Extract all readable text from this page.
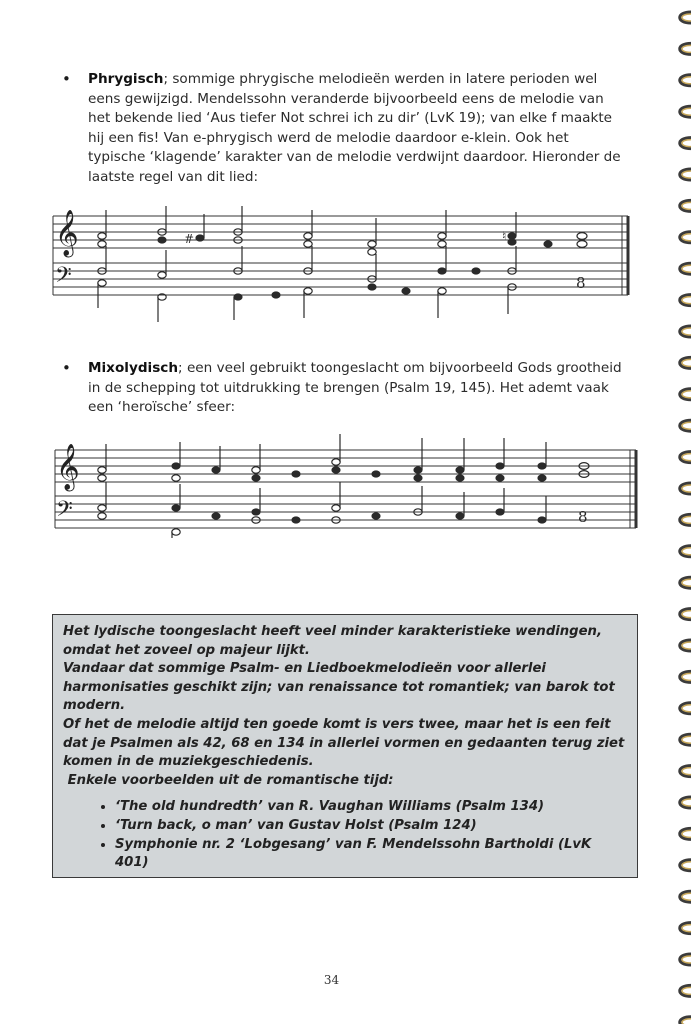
• Phrygisch; sommige phrygische melodieën werden in latere perioden wel eens gewijzigd. Mendelssohn veranderde bijvoorbeeld eens de melodie van het bekende lied ‘Aus tiefer Not schrei ich zu dir’ (LvK 19); van elke f maakte hij een fis! Van e-phrygisch werd de melodie daardoor e-klein. Ook het typische ‘klagende’ karakter van de melodie verdwijnt daardoor. Hieronder de laatste regel van dit lied:

𝄞
𝄢
#	♮
8
• Mixolydisch; een veel gebruikt toongeslacht om bijvoorbeeld Gods grootheid in de schepping tot uitdrukking te brengen (Psalm 19, 145). Het ademt vaak een ‘heroïsche’ sfeer:

𝄞
𝄢	8

Het lydische toongeslacht heeft veel minder karakteristieke wendingen, omdat het zoveel op majeur lijkt.

Vandaar dat sommige Psalm- en Liedboekmelodieën voor allerlei harmonisaties geschikt zijn; van renaissance tot romantiek; van barok tot modern.

Of het de melodie altijd ten goede komt is vers twee, maar het is een feit dat je Psalmen als 42, 68 en 134 in allerlei vormen en gedaanten terug ziet komen in de muziekgeschiedenis.

Enkele voorbeelden uit de romantische tijd:

• ‘The old hundredth’ van R. Vaughan Williams (Psalm 134)
• ‘Turn back, o man’ van Gustav Holst (Psalm 124)
• Symphonie nr. 2 ‘Lobgesang’ van F. Mendelssohn Bartholdi (LvK 401)
34
